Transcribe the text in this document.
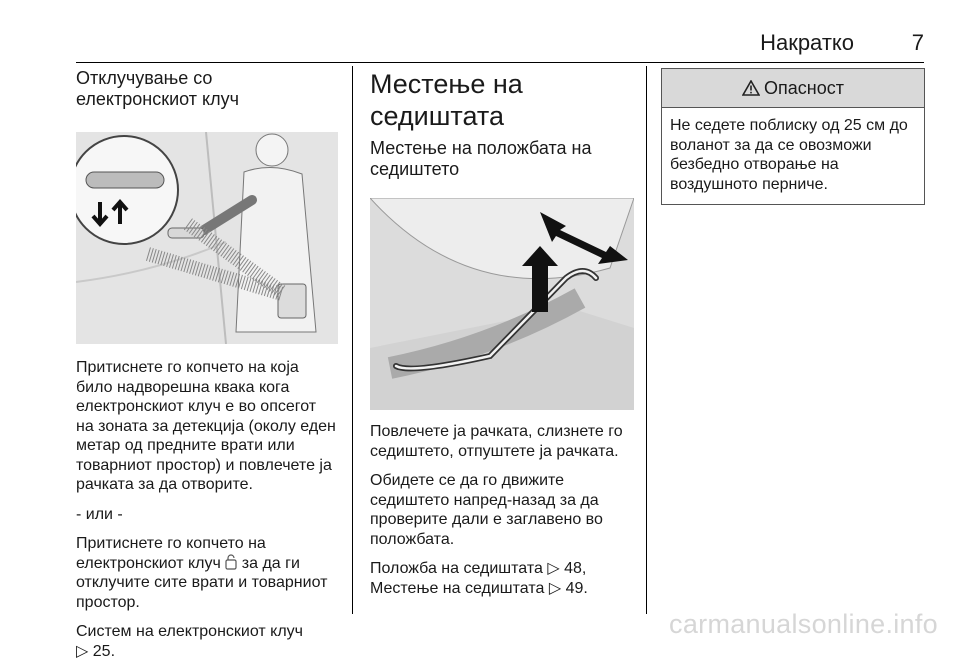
Накратко	7
Отклучување со електронскиот клуч

Притиснете го копчето на која било надворешна квака кога електронскиот клуч е во опсегот на зоната за детекција (околу еден метар од предните врати или товарниот простор) и повлечете ја рачката за да отворите.

- или -

Притиснете го копчето на електронскиот клуч за да ги отклучите сите врати и товарниот простор.

Систем на електронскиот клуч
▷ 25.

Местење на седиштата
Местење на положбата на седиштето

Повлечете ја рачката, слизнете го седиштето, отпуштете ја рачката.

Обидете се да го движите седиштето напред-назад за да проверите дали е заглавено во положбата.

Положба на седиштата ▷ 48,
Местење на седиштата ▷ 49.

Опасност
Не седете поблиску од 25 см до воланот за да се овозможи безбедно отворање на воздушното перниче.
carmanualsonline.info
